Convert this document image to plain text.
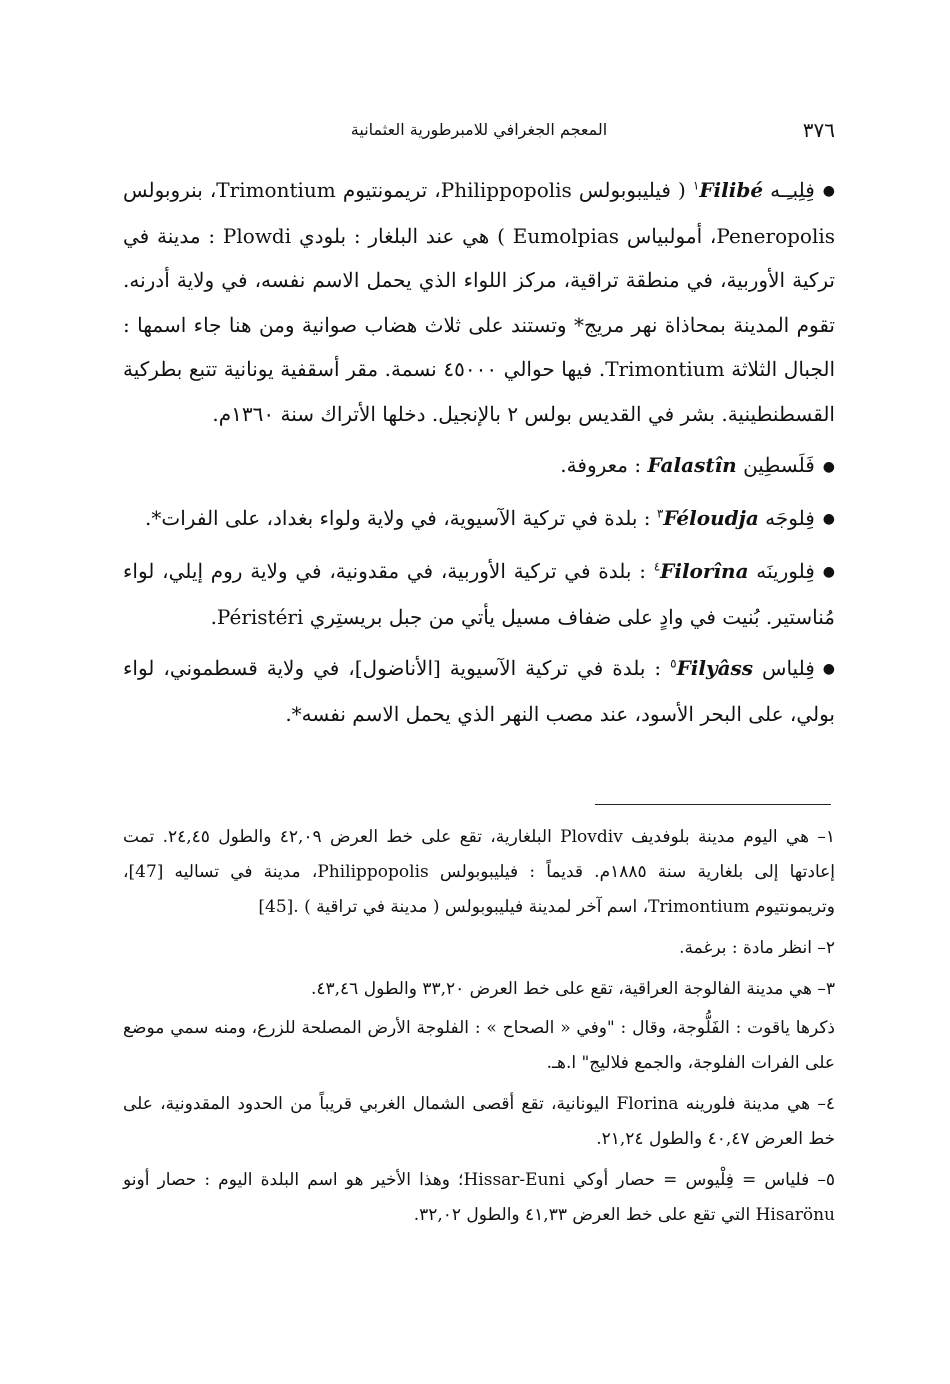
٣٧٦
المعجم الجغرافي للامبرطورية العثمانية

●فِلِبـِـه Filibé$^١$ ( فيليبوبولس Philippopolis، تريمونتيوم Trimontium، بنروبولس Peneropolis، أمولبياس Eumolpias ) هي عند البلغار : بلودي Plowdi : مدينة في تركية الأوربية، في منطقة تراقية، مركز اللواء الذي يحمل الاسم نفسه، في ولاية أدرنه. تقوم المدينة بمحاذاة نهر مريج* وتستند على ثلاث هضاب صوانية ومن هنا جاء اسمها : الجبال الثلاثة Trimontium. فيها حوالي ٤٥٠٠٠ نسمة. مقر أسقفية يونانية تتبع بطركية القسطنطينية. بشر في القديس بولس ٢ بالإنجيل. دخلها الأتراك سنة ١٣٦٠م.

●فَلَسطِين Falastîn : معروفة.

●فِلوجَه Féloudja$^٣$ : بلدة في تركية الآسيوية، في ولاية ولواء بغداد، على الفرات*.

●فِلورينَه Filorîna$^٤$ : بلدة في تركية الأوربية، في مقدونية، في ولاية روم إيلي، لواء مُناستير. بُنيت في وادٍ على ضفاف مسيل يأتي من جبل بريستِري Péristéri.

●فِلياس Filyâss$^٥$ : بلدة في تركية الآسيوية [الأناضول]، في ولاية قسطموني، لواء بولي، على البحر الأسود، عند مصب النهر الذي يحمل الاسم نفسه*.

١– هي اليوم مدينة بلوفديف Plovdiv البلغارية، تقع على خط العرض ٤٢,٠٩ والطول ٢٤,٤٥. تمت إعادتها إلى بلغارية سنة ١٨٨٥م. قديماً : فيليبوبولس Philippopolis، مدينة في تساليه [47]، وتريمونتيوم Trimontium، اسم آخر لمدينة فيليبوبولس ( مدينة في تراقية ) .[45]

٢– انظر مادة : برغمة.

٣– هي مدينة الفالوجة العراقية، تقع على خط العرض ٣٣,٢٠ والطول ٤٣,٤٦.

ذكرها ياقوت : الفَلُّوجة، وقال : "وفي « الصحاح » : الفلوجة الأرض المصلحة للزرع، ومنه سمي موضع على الفرات الفلوجة، والجمع فلاليج" ا.هـ.

٤– هي مدينة فلورينه Florina اليونانية، تقع أقصى الشمال الغربي قريباً من الحدود المقدونية، على خط العرض ٤٠,٤٧ والطول ٢١,٢٤.

٥– فلياس = فِلْيوس = حصار أوكي Hissar-Euni؛ وهذا الأخير هو اسم البلدة اليوم : حصار أونو Hisarönu التي تقع على خط العرض ٤١,٣٣ والطول ٣٢,٠٢.
